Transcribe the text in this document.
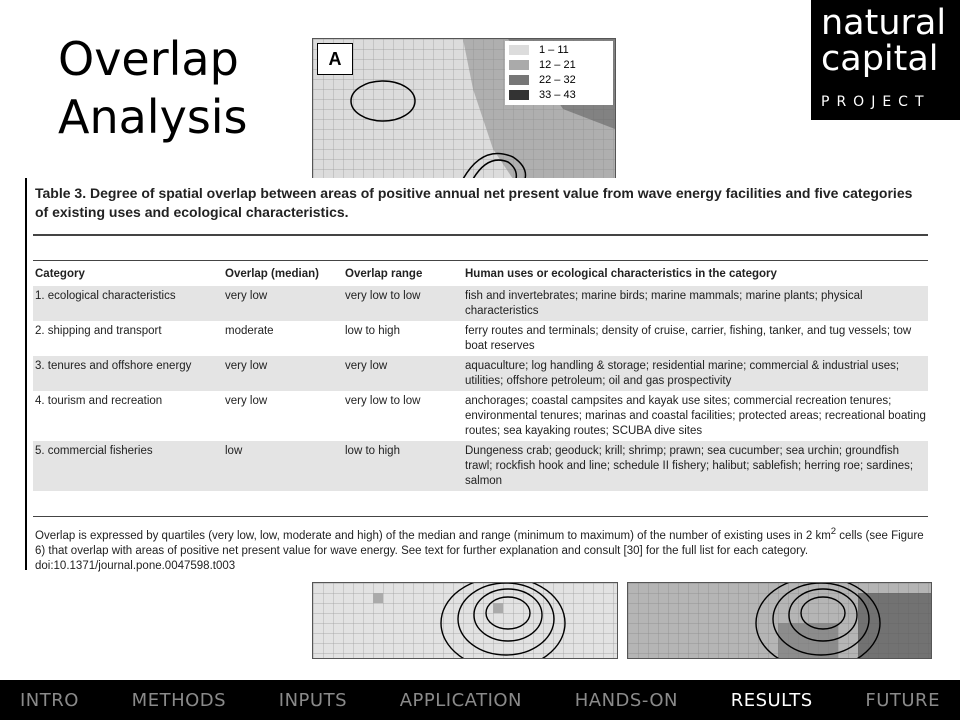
Overlap
Analysis
natural
capital
PROJECT
A	1 – 11
12 – 21
22 – 32
33 – 43
Table 3. Degree of spatial overlap between areas of positive annual net present value from wave energy facilities and five categories of existing uses and ecological characteristics.
Category	Overlap (median)	Overlap range	Human uses or ecological characteristics in the category
1. ecological characteristics	very low	very low to low	fish and invertebrates; marine birds; marine mammals; marine plants; physical characteristics
2. shipping and transport	moderate	low to high	ferry routes and terminals; density of cruise, carrier, fishing, tanker, and tug vessels; tow boat reserves
3. tenures and offshore energy	very low	very low	aquaculture; log handling & storage; residential marine; commercial & industrial uses; utilities; offshore petroleum; oil and gas prospectivity
4. tourism and recreation	very low	very low to low	anchorages; coastal campsites and kayak use sites; commercial recreation tenures; environmental tenures; marinas and coastal facilities; protected areas; recreational boating routes; sea kayaking routes; SCUBA dive sites
5. commercial fisheries	low	low to high	Dungeness crab; geoduck; krill; shrimp; prawn; sea cucumber; sea urchin; groundfish trawl; rockfish hook and line; schedule II fishery; halibut; sablefish; herring roe; sardines; salmon
Overlap is expressed by quartiles (very low, low, moderate and high) of the median and range (minimum to maximum) of the number of existing uses in 2 $km^2$ cells (see Figure 6) that overlap with areas of positive net present value for wave energy. See text for further explanation and consult [30] for the full list for each category.
doi:10.1371/journal.pone.0047598.t003
INTRO	METHODS	INPUTS	APPLICATION	HANDS-ON	RESULTS	FUTURE
